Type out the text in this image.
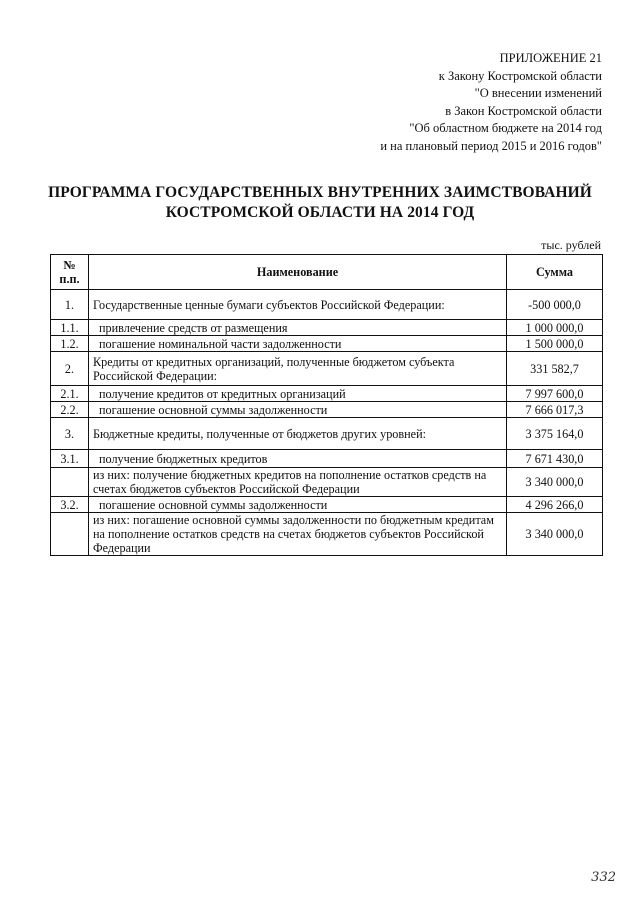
ПРИЛОЖЕНИЕ 21
к Закону Костромской области
"О внесении изменений
в Закон Костромской области
"Об областном бюджете на 2014 год
и на плановый период 2015 и 2016 годов"
ПРОГРАММА ГОСУДАРСТВЕННЫХ ВНУТРЕННИХ ЗАИМСТВОВАНИЙ
КОСТРОМСКОЙ ОБЛАСТИ НА 2014 ГОД
тыс. рублей
№
п.п.	Наименование	Сумма
1.	Государственные ценные бумаги субъектов Российской Федерации:	-500 000,0
1.1.	привлечение средств от размещения	1 000 000,0
1.2.	погашение номинальной части задолженности	1 500 000,0
2.	Кредиты от кредитных организаций, полученные бюджетом субъекта Российской Федерации:	331 582,7
2.1.	получение кредитов от кредитных организаций	7 997 600,0
2.2.	погашение основной суммы задолженности	7 666 017,3
3.	Бюджетные кредиты, полученные от бюджетов других уровней:	3 375 164,0
3.1.	получение бюджетных кредитов	7 671 430,0
	из них: получение бюджетных кредитов на пополнение остатков средств на счетах бюджетов субъектов Российской Федерации	3 340 000,0
3.2.	погашение основной суммы задолженности	4 296 266,0
	из них: погашение основной суммы задолженности по бюджетным кредитам на пополнение остатков средств на счетах бюджетов субъектов Российской Федерации	3 340 000,0
332
